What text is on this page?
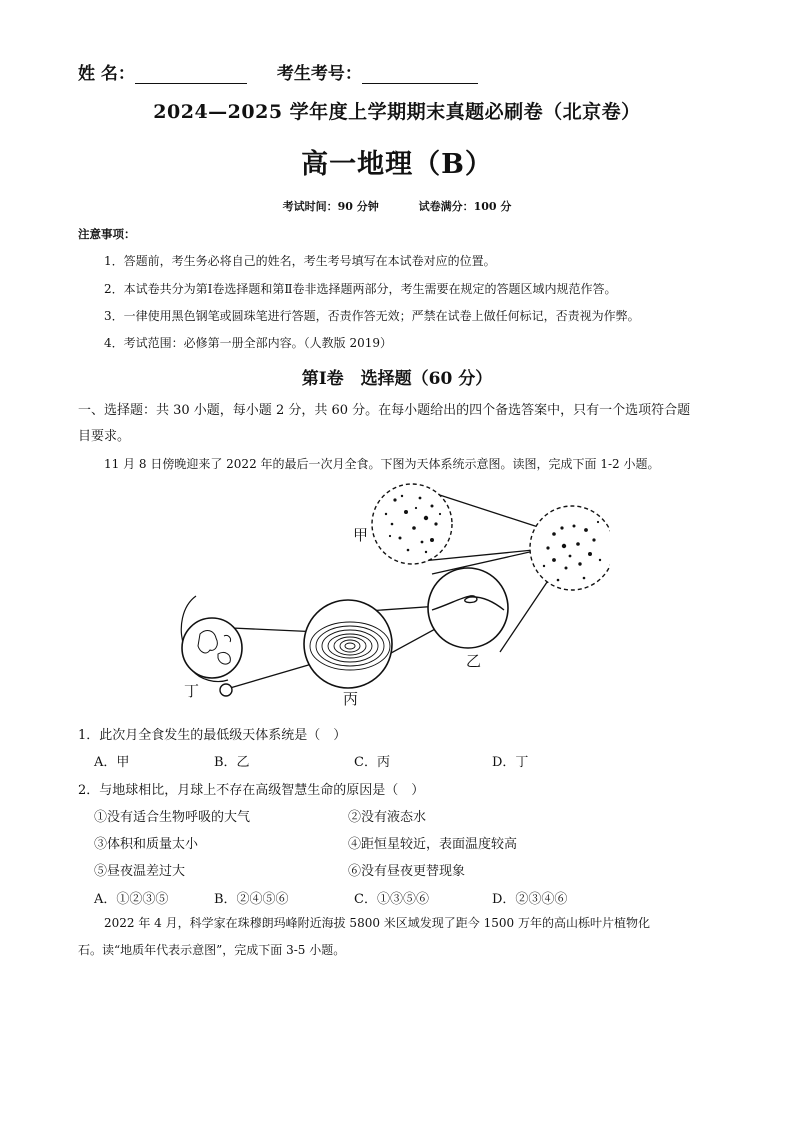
姓 名：	考生考号：
2024—2025 学年度上学期期末真题必刷卷（北京卷）
高一地理（B）
考试时间：90 分钟	试卷满分：100 分
注意事项：
1．答题前，考生务必将自己的姓名，考生考号填写在本试卷对应的位置。
2．本试卷共分为第Ⅰ卷选择题和第Ⅱ卷非选择题两部分，考生需要在规定的答题区域内规范作答。
3．一律使用黑色钢笔或圆珠笔进行答题，否责作答无效；严禁在试卷上做任何标记，否责视为作弊。
4．考试范围：必修第一册全部内容。（人教版 2019）
第Ⅰ卷　选择题（60 分）
一、选择题：共 30 小题，每小题 2 分，共 60 分。在每小题给出的四个备选答案中，只有一个选项符合题
目要求。
11 月 8 日傍晚迎来了 2022 年的最后一次月全食。下图为天体系统示意图。读图，完成下面 1-2 小题。
甲
乙
丙
丁
1．此次月全食发生的最低级天体系统是（　）
A．甲	B．乙	C．丙	D．丁
2．与地球相比，月球上不存在高级智慧生命的原因是（　）
①没有适合生物呼吸的大气	②没有液态水
③体积和质量太小	④距恒星较近，表面温度较高
⑤昼夜温差过大	⑥没有昼夜更替现象
A．①②③⑤	B．②④⑤⑥	C．①③⑤⑥	D．②③④⑥
2022 年 4 月，科学家在珠穆朗玛峰附近海拔 5800 米区域发现了距今 1500 万年的高山栎叶片植物化
石。读“地质年代表示意图”，完成下面 3-5 小题。
